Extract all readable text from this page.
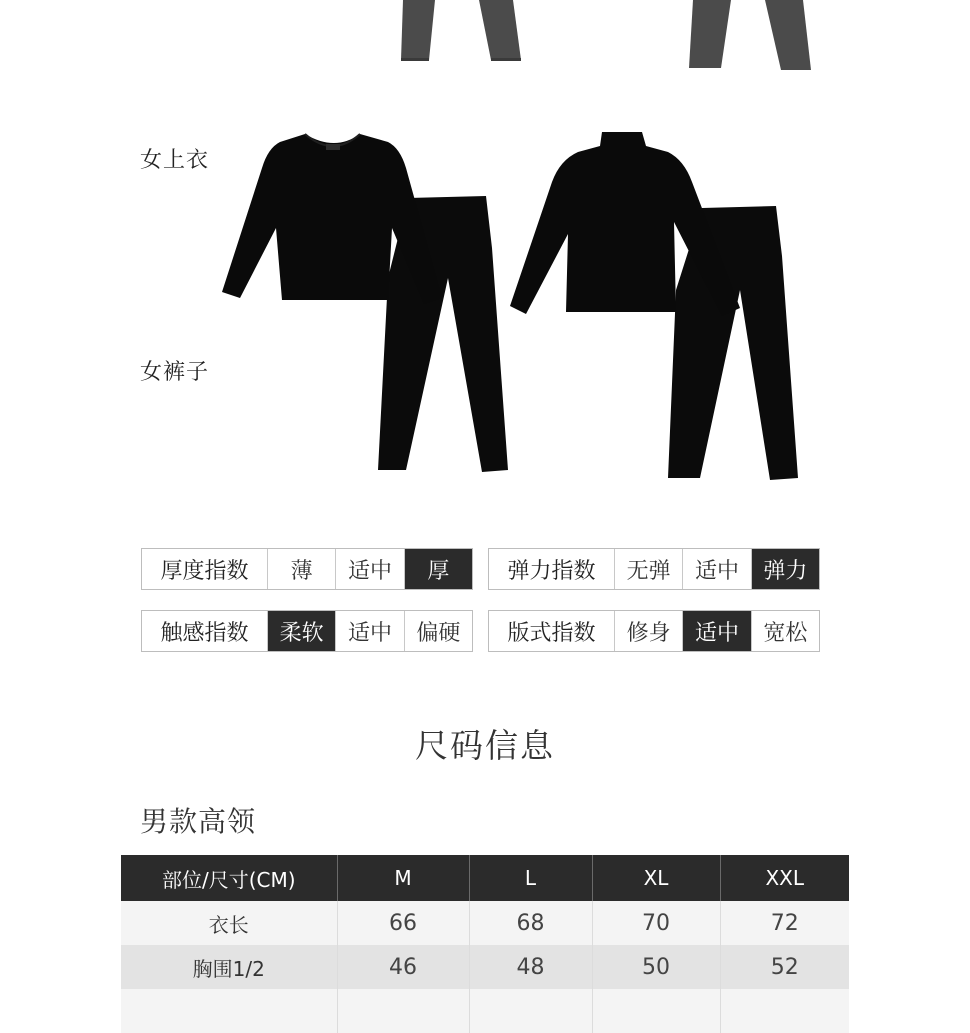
女上衣
女裤子
厚度指数	薄	适中	厚	弹力指数	无弹	适中	弹力
触感指数	柔软	适中	偏硬	版式指数	修身	适中	宽松
尺码信息
男款高领
部位/尺寸(CM)	M	L	XL	XXL
衣长	66	68	70	72
胸围1/2	46	48	50	52
